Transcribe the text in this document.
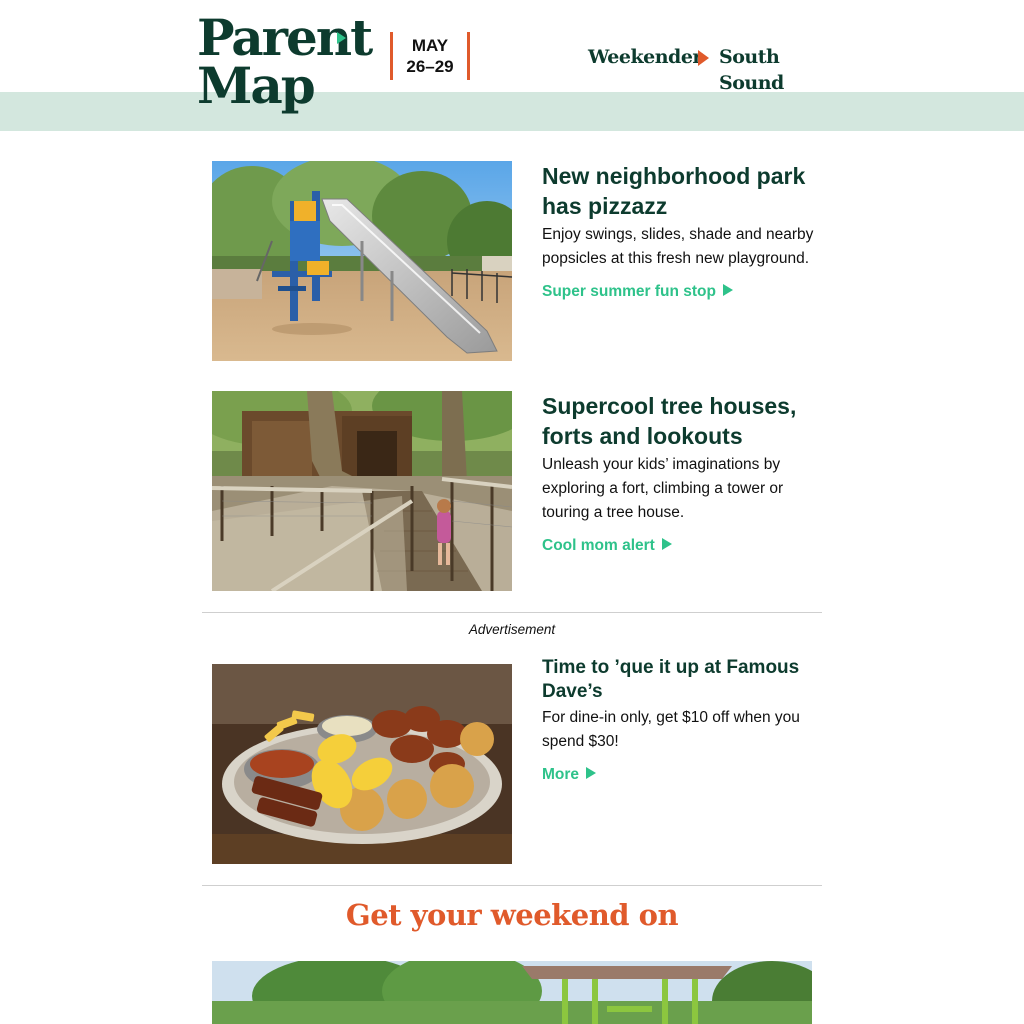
Parent
Map
MAY
26–29	Weekender South Sound
New neighborhood park has pizzazz

Enjoy swings, slides, shade and nearby popsicles at this fresh new playground.

Super summer fun stop
Supercool tree houses, forts and lookouts

Unleash your kids’ imaginations by exploring a fort, climbing a tower or touring a tree house.

Cool mom alert
Advertisement
Time to ’que it up at Famous Dave’s

For dine-in only, get $10 off when you spend $30!

More
Get your weekend on
